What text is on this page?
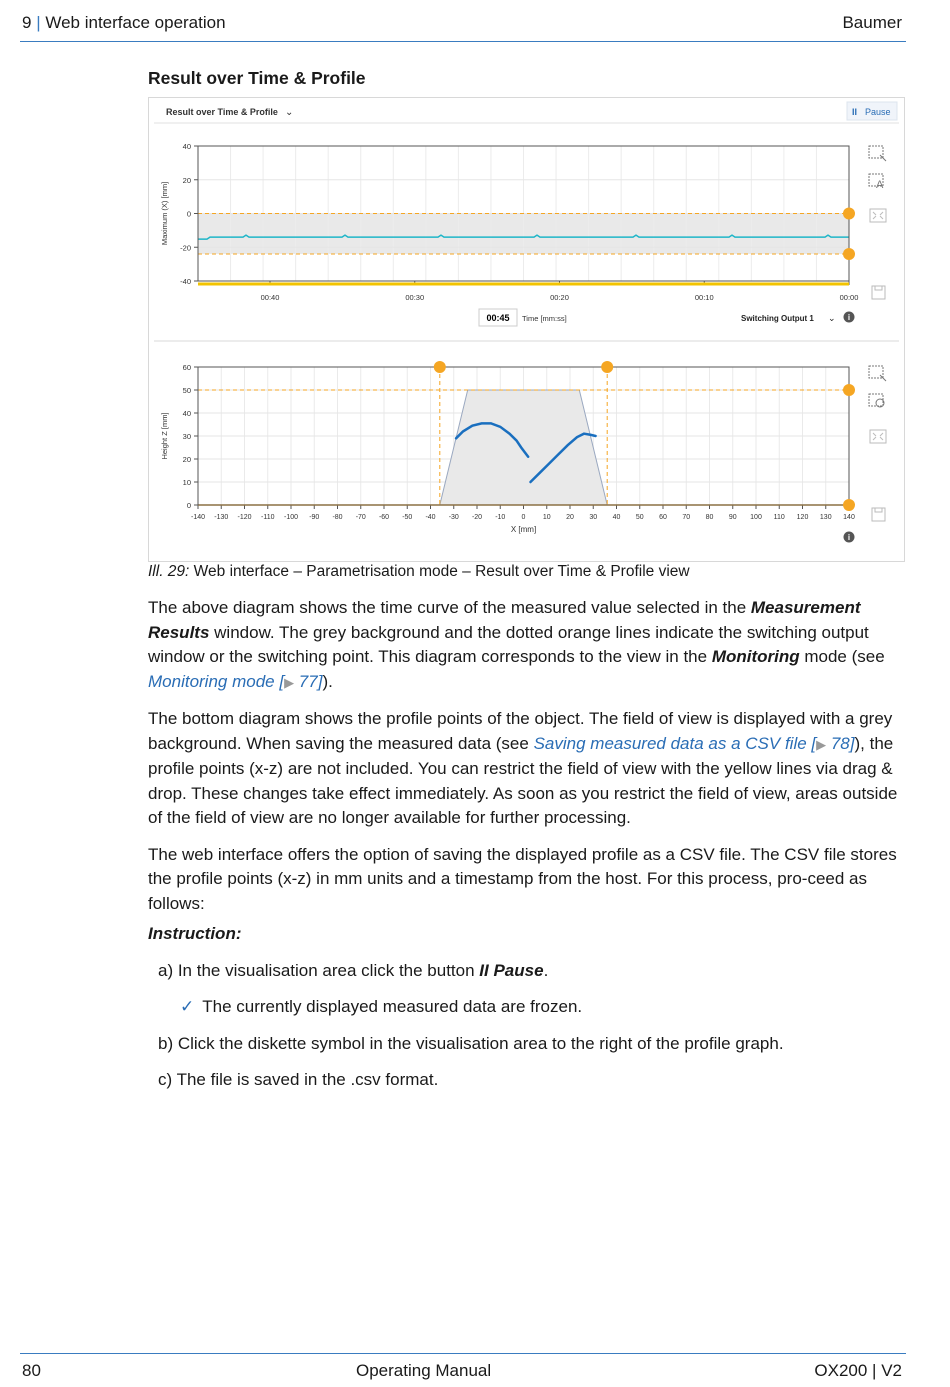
9 | Web interface operation	Baumer
Result over Time & Profile
Result over Time & Profile ⌄	II Pause
40
20
0
-20
-40
00:40	00:30	00:20	00:10	00:00
Maximum (X) [mm]
00:45 Time [mm:ss]	Switching Output 1 ⌄
-140 -130 -120 -110 -100 -90 -80 -70 -60 -50 -40 -30 -20 -10 0 10 20 30 40 50 60 70 80 90 100 110 120 130 140
60
50
40
30
20
10
0
X [mm]
Height Z [mm]
A
i
i
Ill. 29: Web interface – Parametrisation mode – Result over Time & Profile view

The above diagram shows the time curve of the measured value selected in the Measurement Results window. The grey background and the dotted orange lines indicate the switching output window or the switching point. This diagram corresponds to the view in the Monitoring mode (see Monitoring mode [▶ 77]).

The bottom diagram shows the profile points of the object. The field of view is displayed with a grey background. When saving the measured data (see Saving measured data as a CSV file [▶ 78]), the profile points (x-z) are not included. You can restrict the field of view with the yellow lines via drag & drop. These changes take effect immediately. As soon as you restrict the field of view, areas outside of the field of view are no longer available for further processing.

The web interface offers the option of saving the displayed profile as a CSV file. The CSV file stores the profile points (x-z) in mm units and a timestamp from the host. For this process, pro-ceed as follows:

Instruction:

a) In the visualisation area click the button II Pause.

✓ The currently displayed measured data are frozen.

b) Click the diskette symbol in the visualisation area to the right of the profile graph.

c) The file is saved in the .csv format.

80	Operating Manual	OX200 | V2
